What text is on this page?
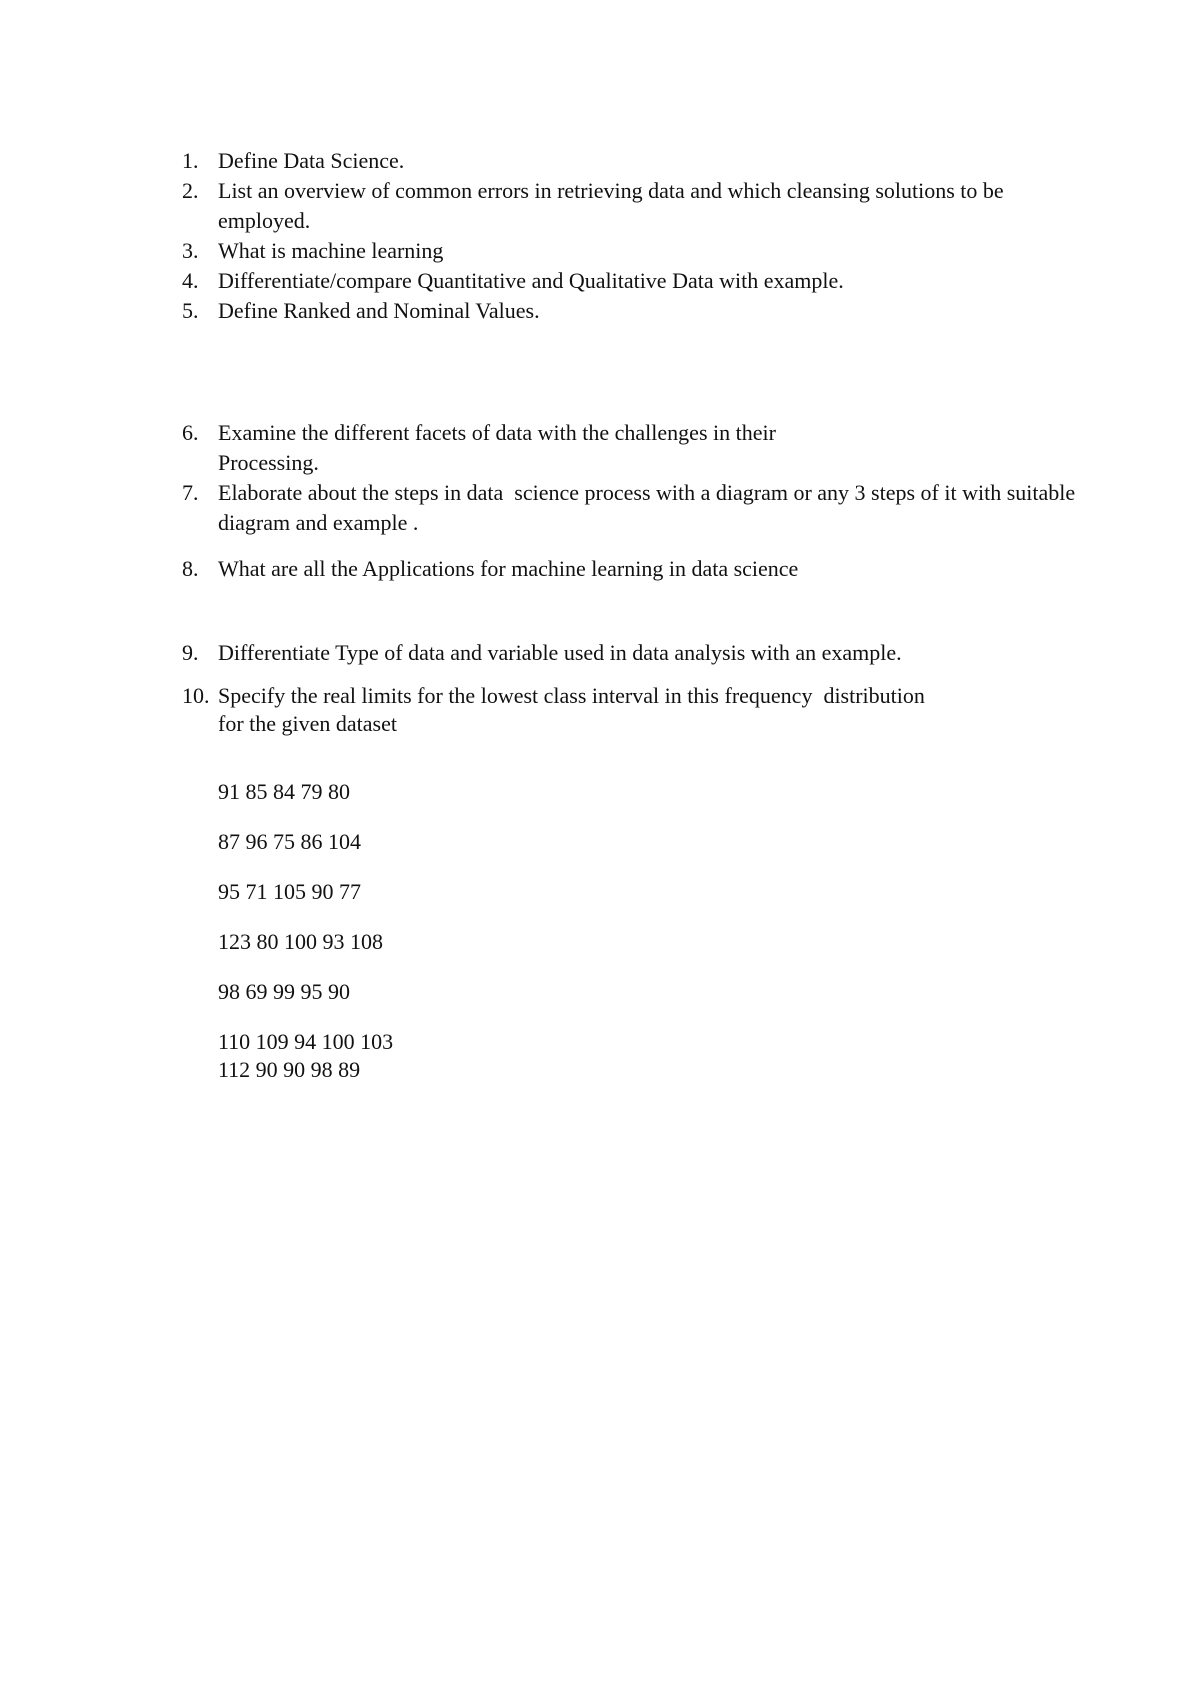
1. Define Data Science.
2. List an overview of common errors in retrieving data and which cleansing solutions to be employed.
3. What is machine learning
4. Differentiate/compare Quantitative and Qualitative Data with example.
5. Define Ranked and Nominal Values.
6. Examine the different facets of data with the challenges in their
Processing.
7. Elaborate about the steps in data  science process with a diagram or any 3 steps of it with suitable diagram and example .
8. What are all the Applications for machine learning in data science
9. Differentiate Type of data and variable used in data analysis with an example.
10. Specify the real limits for the lowest class interval in this frequency  distribution
for the given dataset
91 85 84 79 80
87 96 75 86 104
95 71 105 90 77
123 80 100 93 108
98 69 99 95 90
110 109 94 100 103
112 90 90 98 89
